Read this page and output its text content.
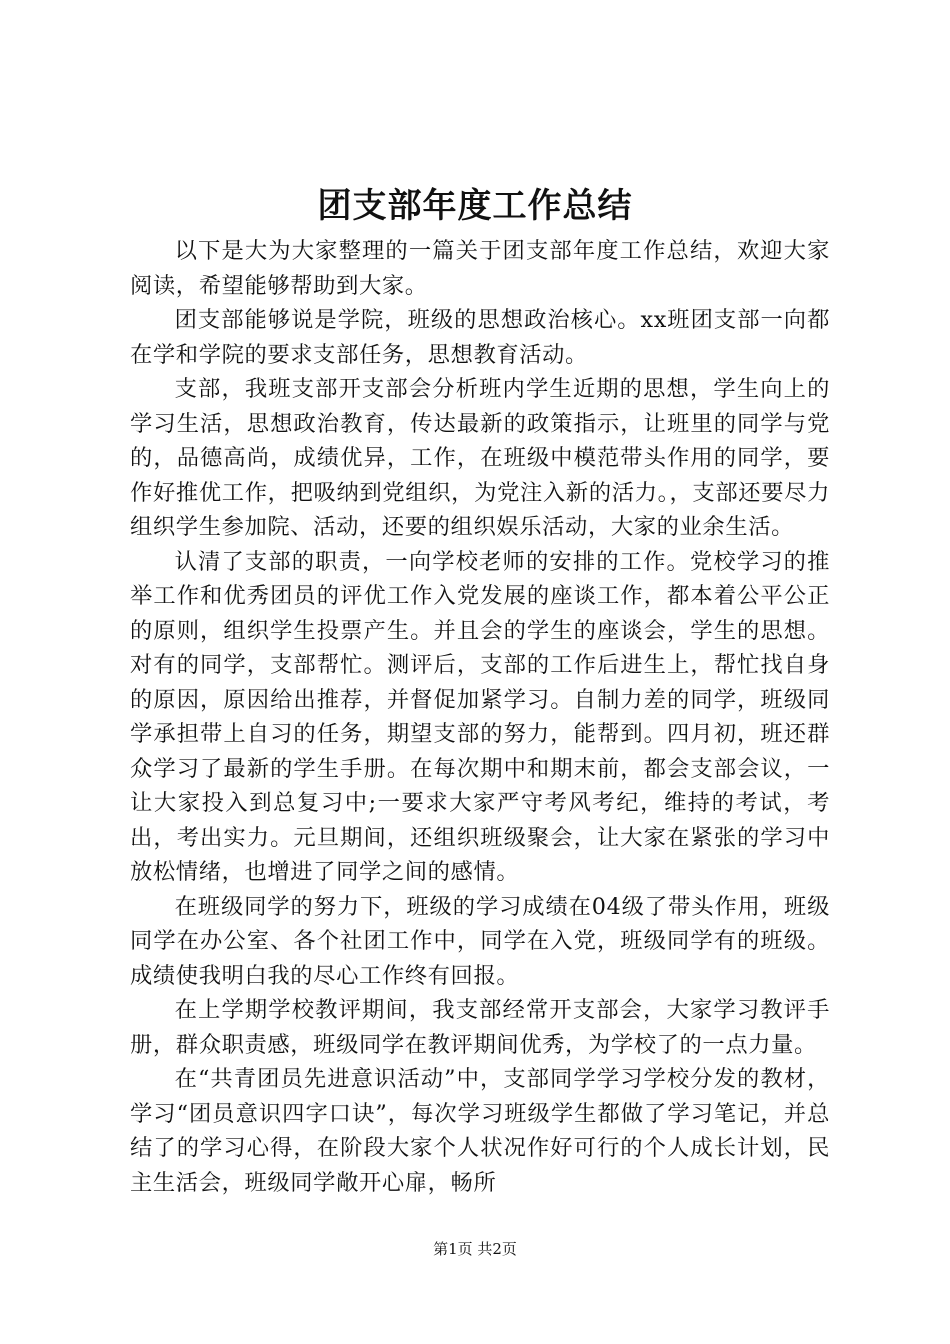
团支部年度工作总结

以下是大为大家整理的一篇关于团支部年度工作总结，欢迎大家阅读，希望能够帮助到大家。

团支部能够说是学院，班级的思想政治核心。xx班团支部一向都在学和学院的要求支部任务，思想教育活动。

支部，我班支部开支部会分析班内学生近期的思想，学生向上的学习生活，思想政治教育，传达最新的政策指示，让班里的同学与党的，品德高尚，成绩优异，工作，在班级中模范带头作用的同学，要作好推优工作，把吸纳到党组织，为党注入新的活力。，支部还要尽力组织学生参加院、活动，还要的组织娱乐活动，大家的业余生活。

认清了支部的职责，一向学校老师的安排的工作。党校学习的推举工作和优秀团员的评优工作入党发展的座谈工作，都本着公平公正的原则，组织学生投票产生。并且会的学生的座谈会，学生的思想。对有的同学，支部帮忙。测评后，支部的工作后进生上，帮忙找自身的原因，原因给出推荐，并督促加紧学习。自制力差的同学，班级同学承担带上自习的任务，期望支部的努力，能帮到。四月初，班还群众学习了最新的学生手册。在每次期中和期末前，都会支部会议，一让大家投入到总复习中;一要求大家严守考风考纪，维持的考试，考出，考出实力。元旦期间，还组织班级聚会，让大家在紧张的学习中放松情绪，也增进了同学之间的感情。

在班级同学的努力下，班级的学习成绩在04级了带头作用，班级同学在办公室、各个社团工作中，同学在入党，班级同学有的班级。成绩使我明白我的尽心工作终有回报。

在上学期学校教评期间，我支部经常开支部会，大家学习教评手册，群众职责感，班级同学在教评期间优秀，为学校了的一点力量。

在“共青团员先进意识活动”中，支部同学学习学校分发的教材，学习“团员意识四字口诀”，每次学习班级学生都做了学习笔记，并总结了的学习心得，在阶段大家个人状况作好可行的个人成长计划，民主生活会，班级同学敞开心扉，畅所

第1页 共2页
